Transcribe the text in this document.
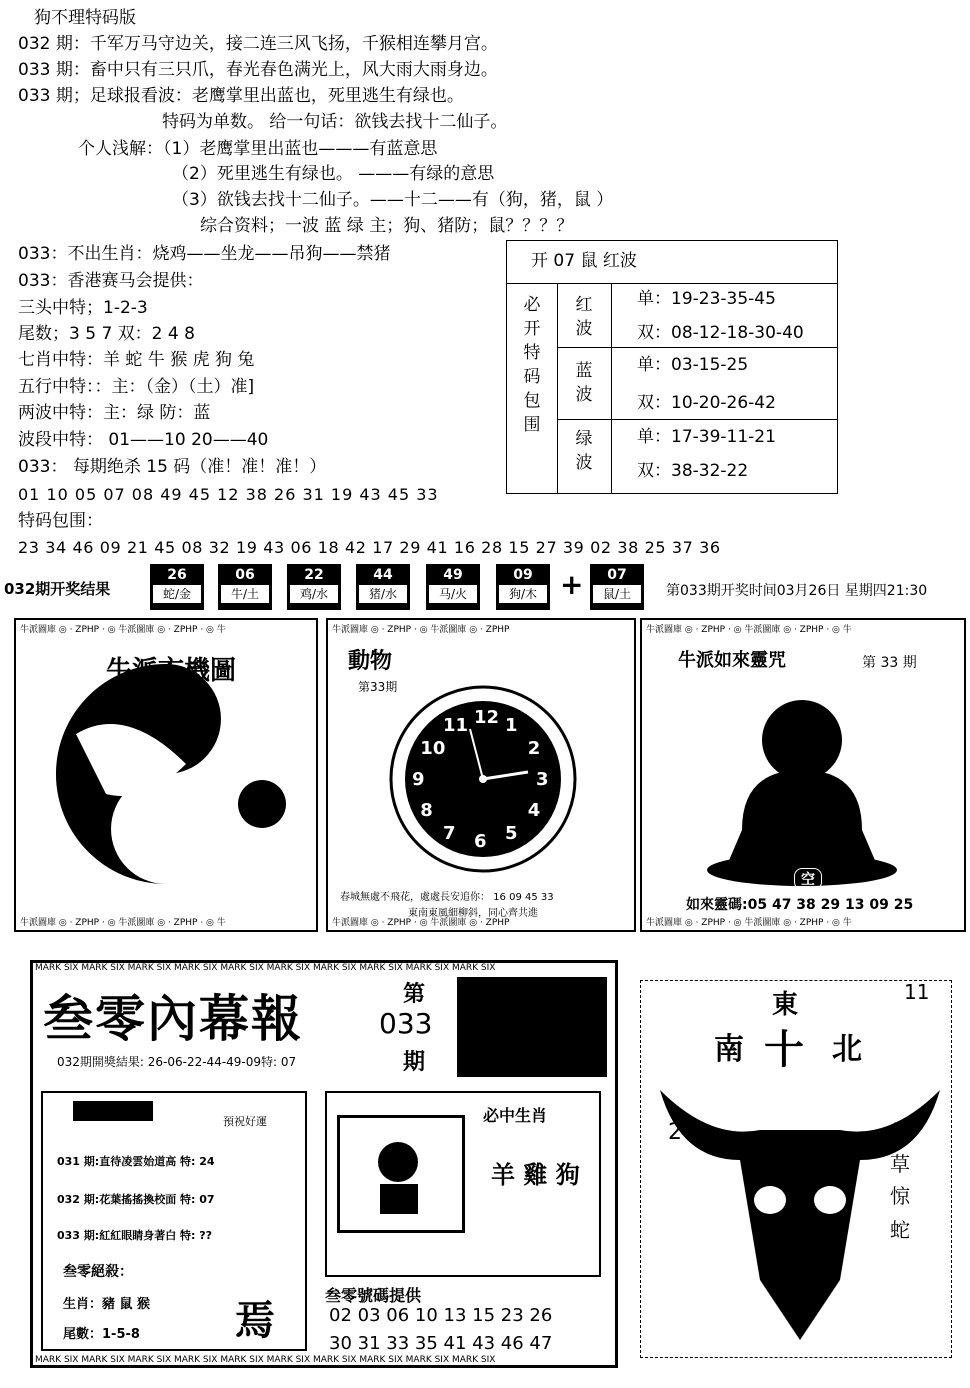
狗不理特码版
032 期：千军万马守边关，接二连三风飞扬，千猴相连攀月宫。
033 期：畜中只有三只爪，春光春色满光上，风大雨大雨身边。
033 期；足球报看波：老鹰掌里出蓝也，死里逃生有绿也。
特码为单数。 给一句话：欲钱去找十二仙子。
个人浅解：（1）老鹰掌里出蓝也———有蓝意思
（2）死里逃生有绿也。 ———有绿的意思
（3）欲钱去找十二仙子。——十二——有（狗，猪，鼠 ）
综合资料；一波 蓝 绿 主；狗、猪防；鼠？？？？
033：不出生肖：烧鸡——坐龙——吊狗——禁猪
033：香港赛马会提供：
三头中特；1-2-3
尾数；3 5 7 双：2 4 8
七肖中特：羊 蛇 牛 猴 虎 狗 兔
五行中特：：主：（金）（土）准]
两波中特：主：绿 防：蓝
波段中特： 01——10 20——40
033： 每期绝杀 15 码（准！准！准！）
01 10 05 07 08 49 45 12 38 26 31 19 43 45 33
特码包围：
23 34 46 09 21 45 08 32 19 43 06 18 42 17 29 41 16 28 15 27 39 02 38 25 37 36
开 07 鼠 红波
必开特码包围
红波
单：19-23-35-45
双：08-12-18-30-40
蓝波
单：03-15-25
双：10-20-26-42
绿波
单：17-39-11-21
双：38-32-22
032期开奖结果
26
蛇/金
06
牛/土
22
鸡/水
44
猪/水
49
马/火
09
狗/木 +	07
鼠/土	第033期开奖时间03月26日 星期四21:30
牛派圖庫 ◎ · ZPHP · ◎ 牛派圖庫 ◎ · ZPHP · ◎ 牛
牛派圖庫 ◎ · ZPHP · ◎ 牛派圖庫 ◎ · ZPHP · ◎ 牛
牛派玄機圖
第 33 期
牛派圖庫 ◎ · ZPHP · ◎ 牛派圖庫 ◎ · ZPHP
牛派圖庫 ◎ · ZPHP · ◎ 牛派圖庫 ◎ · ZPHP
動物
第33期
12 1
2
3
4
5
6
7
8
9
10
11
春城無處不飛花，處處長安追你： 16 09 45 33
東南東風細柳斜，同心齊共進
牛派圖庫 ◎ · ZPHP · ◎ 牛派圖庫 ◎ · ZPHP · ◎ 牛
牛派圖庫 ◎ · ZPHP · ◎ 牛派圖庫 ◎ · ZPHP · ◎ 牛
牛派如來靈咒	第 33 期
空
如來靈碼:05 47 38 29 13 09 25
MARK SIX MARK SIX MARK SIX MARK SIX MARK SIX MARK SIX MARK SIX MARK SIX MARK SIX MARK SIX
MARK SIX MARK SIX MARK SIX MARK SIX MARK SIX MARK SIX MARK SIX MARK SIX MARK SIX MARK SIX
叁零內幕報	第
033
期
032期開獎結果: 26-06-22-44-49-09特: 07
預祝好運
031 期:直待凌雲始道高 特: 24
032 期:花葉搖搖換校面 特: 07
033 期:紅紅眼睛身著白 特: ??
叁零絕殺：
生肖：豬 鼠 猴
尾數：1-5-8 焉
必中生肖
羊 雞 狗
叁零號碼提供
02 03 06 10 13 15 23 26
30 31 33 35 41 43 46 47
東
南 十 北
西
26
11
打
草
惊
蛇
